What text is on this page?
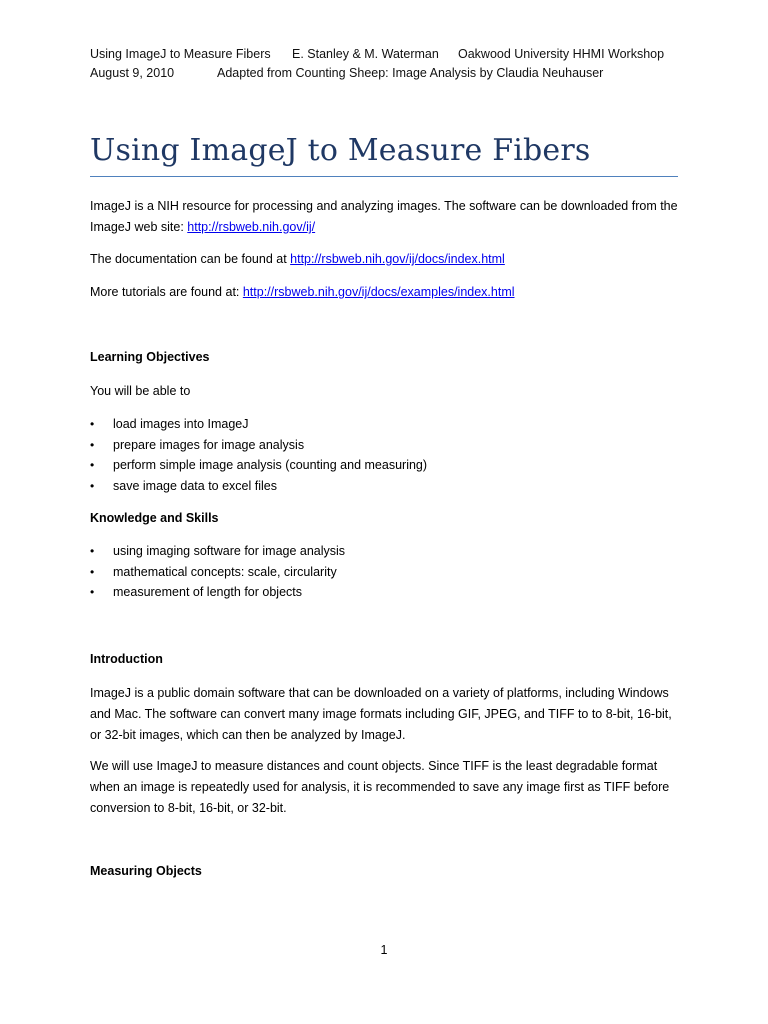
Using ImageJ to Measure Fibers

E. Stanley & M. Waterman

Oakwood University HHMI Workshop

August 9, 2010

	Adapted from Counting Sheep: Image Analysis by Claudia Neuhauser

Using ImageJ to Measure Fibers
ImageJ is a NIH resource for processing and analyzing images. The software can be downloaded from the ImageJ web site: http://rsbweb.nih.gov/ij/
The documentation can be found at http://rsbweb.nih.gov/ij/docs/index.html
More tutorials are found at: http://rsbweb.nih.gov/ij/docs/examples/index.html
Learning Objectives
You will be able to
• load images into ImageJ
• prepare images for image analysis
• perform simple image analysis (counting and measuring)
• save image data to excel files
Knowledge and Skills
• using imaging software for image analysis
• mathematical concepts: scale, circularity
• measurement of length for objects
Introduction
ImageJ is a public domain software that can be downloaded on a variety of platforms, including Windows and Mac. The software can convert many image formats including GIF, JPEG, and TIFF to to 8-bit, 16-bit, or 32-bit images, which can then be analyzed by ImageJ.
We will use ImageJ to measure distances and count objects. Since TIFF is the least degradable format when an image is repeatedly used for analysis, it is recommended to save any image first as TIFF before conversion to 8-bit, 16-bit, or 32-bit.
Measuring Objects
1
